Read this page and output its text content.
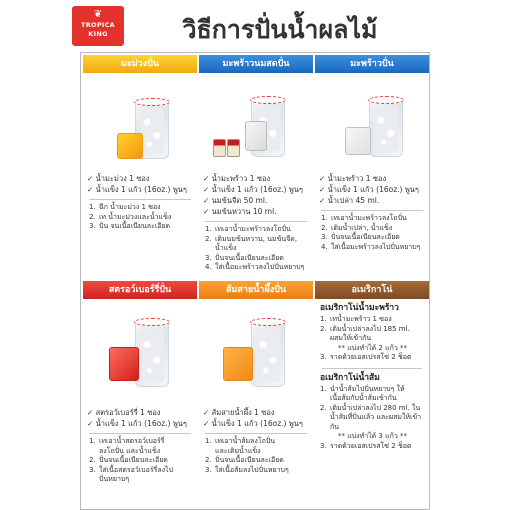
❦
TROPICA KING	วิธีการปั่นน้ำผลไม้
มะม่วงปั่น
✓ น้ำมะม่วง 1 ซอง
✓ น้ำแข็ง 1 แก้ว (16oz.) พูนๆ
1. ฉีก น้ำมะม่วง 1 ซอง
2. เท น้ำมะม่วงและน้ำแข็ง
3. ปั่น จนเนื้อเนียนละเอียด
มะพร้าวนมสดปั่น
✓ น้ำมะพร้าว 1 ซอง
✓ น้ำแข็ง 1 แก้ว (16oz.) พูนๆ
✓ นมข้นจืด 50 ml.
✓ นมข้นหวาน 10 ml.
1. เทเอาน้ำมะพร้าวลงโถปั่น
2. เติมนมข้นหวาน, นมข้นจืด,
น้ำแข็ง
3. ปั่นจนเนื้อเนียนละเอียด
4. ใส่เนื้อมะพร้าวลงไปปั่นหยาบๆ
มะพร้าวปั่น
✓ น้ำมะพร้าว 1 ซอง
✓ น้ำแข็ง 1 แก้ว (16oz.) พูนๆ
✓ น้ำเปล่า 45 ml.
1. เทเอาน้ำมะพร้าวลงโถปั่น
2. เติมน้ำเปล่า, น้ำแข็ง
3. ปั่นจนเนื้อเนียนละเอียด
4. ใส่เนื้อมะพร้าวลงไปปั่นหยาบๆ
สตรอว์เบอร์รี่ปั่น
✓ สตรอว์เบอร์รี่ 1 ซอง
✓ น้ำแข็ง 1 แก้ว (16oz.) พูนๆ
1. เทเอาน้ำสตรอว์เบอร์รี่
ลงโถปั่น และน้ำแข็ง
2. ปั่นจนเนื้อเนียนละเอียด
3. ใส่เนื้อสตรอว์เบอร์รี่ลงไป
ปั่นหยาบๆ
ส้มสายน้ำผึ้งปั่น
✓ ส้มสายน้ำผึ้ง 1 ซอง
✓ น้ำแข็ง 1 แก้ว (16oz.) พูนๆ
1. เทเอาน้ำส้มลงโถปั่น
และเติมน้ำแข็ง
2. ปั่นจนเนื้อเนียนละเอียด
3. ใส่เนื้อส้มลงไปปั่นหยาบๆ
อเมริกาโน่
อเมริกาโน่น้ำมะพร้าว
1. เทน้ำมะพร้าว 1 ซอง
2. เติมน้ำเปล่าลงไป 185 ml.
ผสมให้เข้ากัน
** แบ่งทำได้ 2 แก้ว **
3. ราดด้วยเอสเปรสโซ่ 2 ช็อต
อเมริกาโน่น้ำส้ม
1. นำน้ำส้มไปปั่นหยาบๆ ให้
เนื้อส้มกับน้ำส้มเข้ากัน
2. เติมน้ำเปล่าลงไป 280 ml. ใน
น้ำส้มที่ปั่นแล้ว และผสมให้เข้า
กัน
** แบ่งทำได้ 3 แก้ว **
3. ราดด้วยเอสเปรสโซ่ 2 ช็อต
